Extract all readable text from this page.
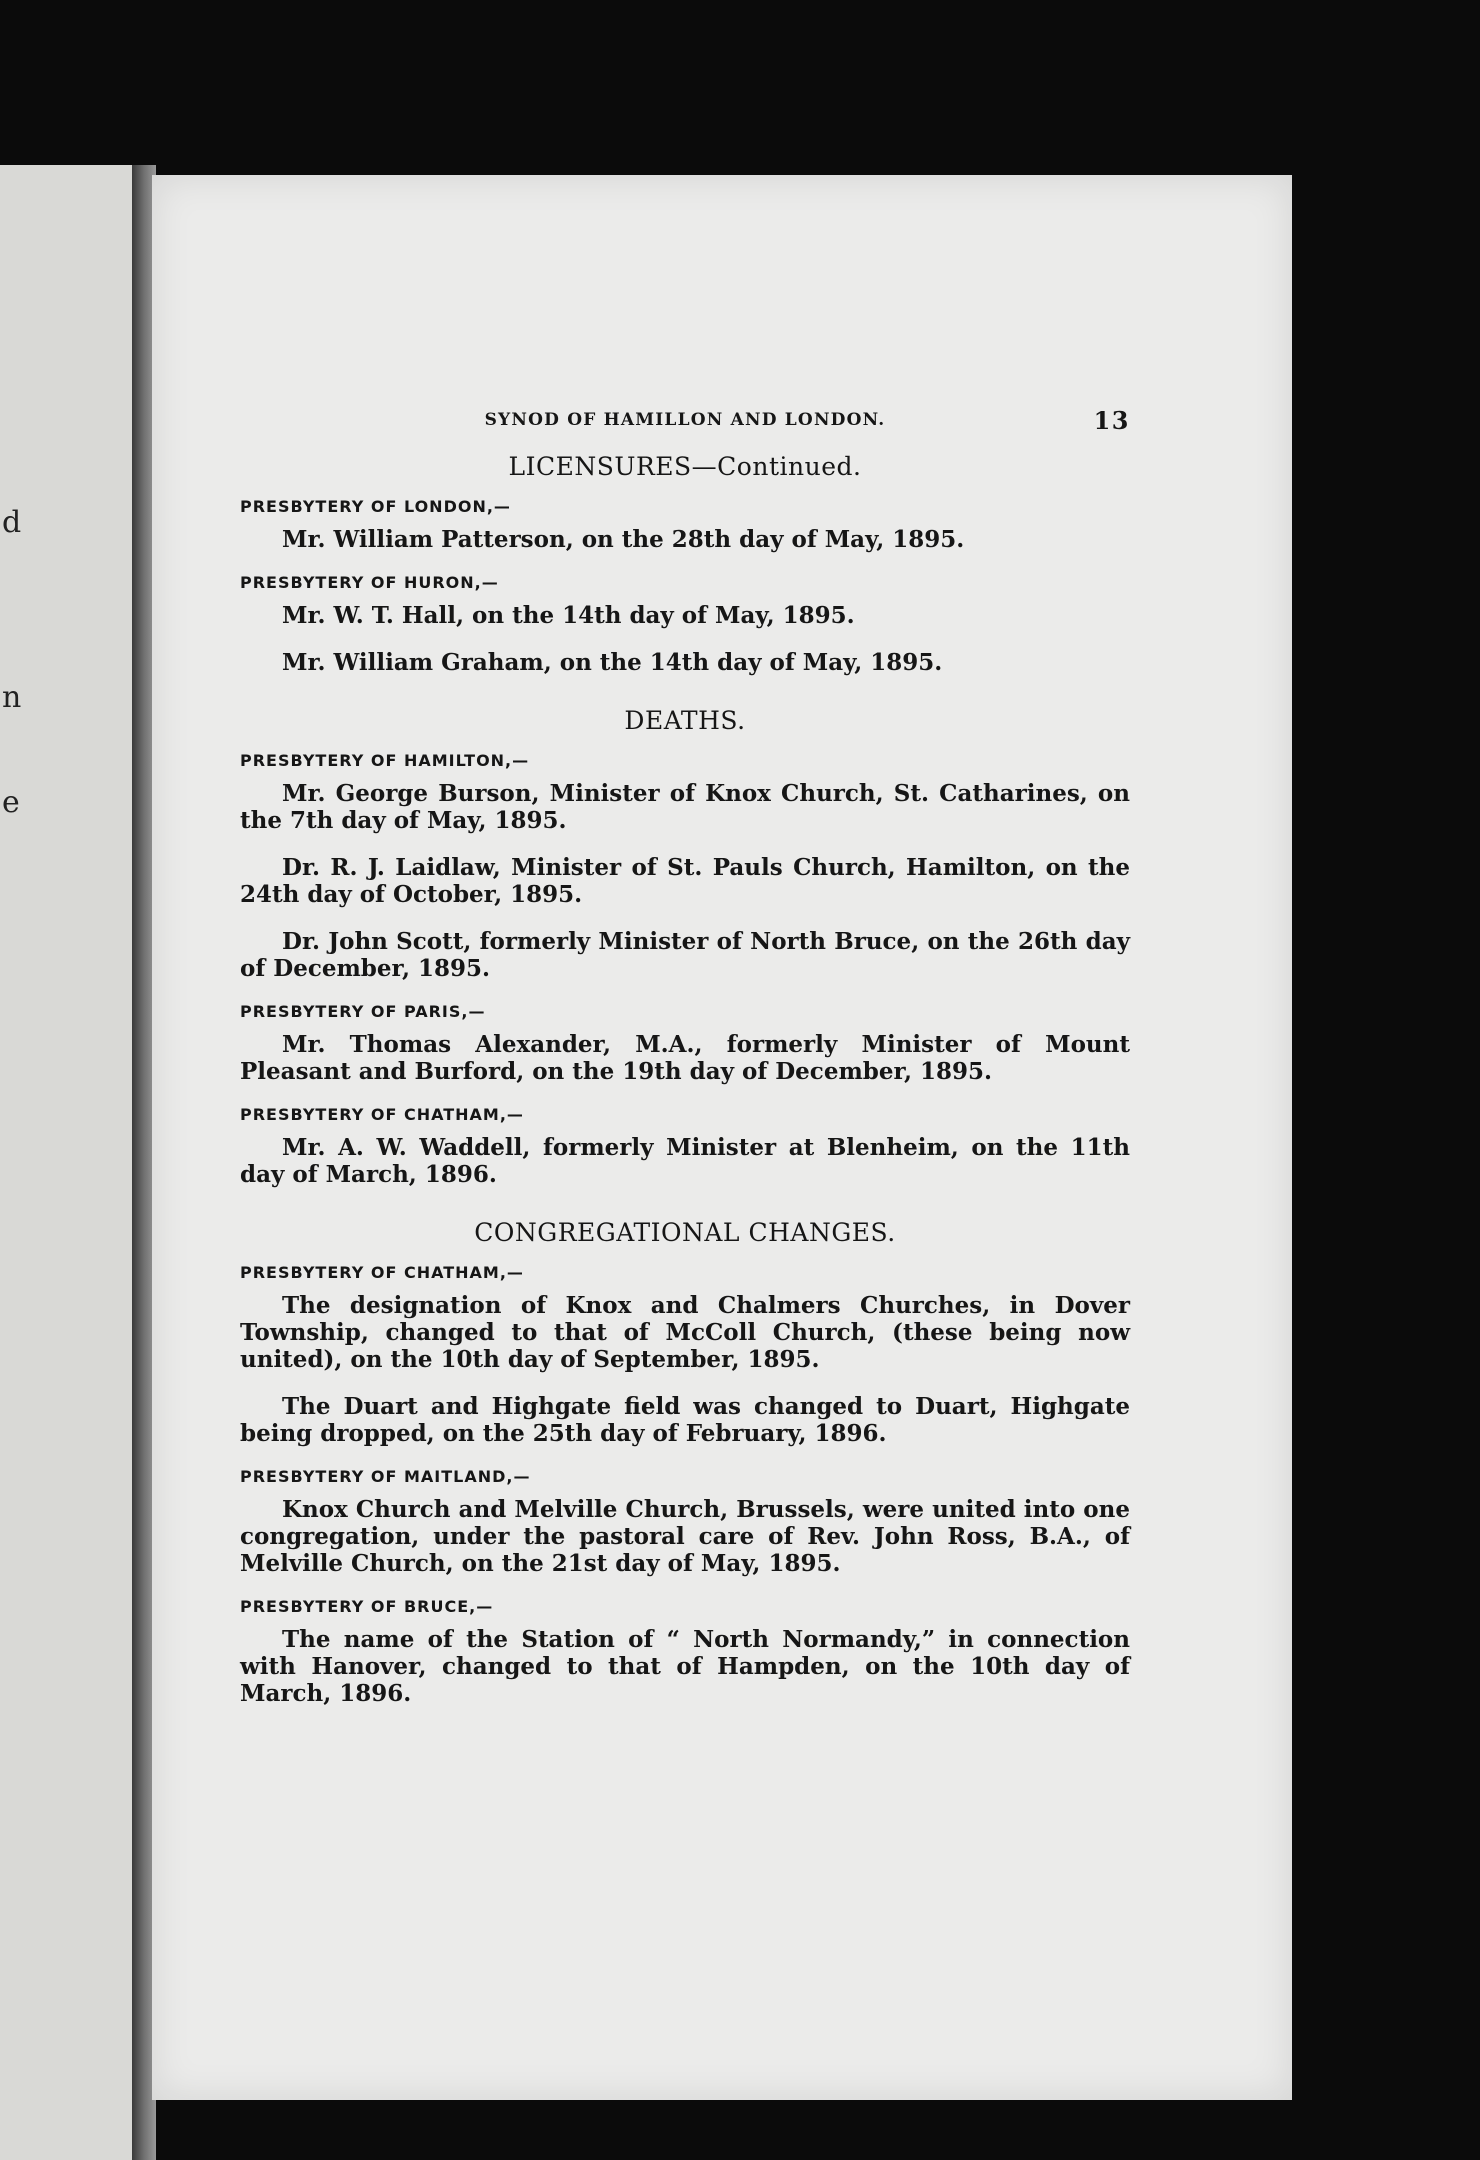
d
n
e
SYNOD OF HAMILLON AND LONDON.	13
LICENSURES—Continued.
PRESBYTERY OF LONDON,—

Mr. William Patterson, on the 28th day of May, 1895.

PRESBYTERY OF HURON,—

Mr. W. T. Hall, on the 14th day of May, 1895.

Mr. William Graham, on the 14th day of May, 1895.

DEATHS.
PRESBYTERY OF HAMILTON,—

Mr. George Burson, Minister of Knox Church, St. Catharines, on the 7th day of May, 1895.

Dr. R. J. Laidlaw, Minister of St. Pauls Church, Hamilton, on the 24th day of October, 1895.

Dr. John Scott, formerly Minister of North Bruce, on the 26th day of December, 1895.

PRESBYTERY OF PARIS,—

Mr. Thomas Alexander, M.A., formerly Minister of Mount Pleasant and Burford, on the 19th day of December, 1895.

PRESBYTERY OF CHATHAM,—

Mr. A. W. Waddell, formerly Minister at Blenheim, on the 11th day of March, 1896.

CONGREGATIONAL CHANGES.
PRESBYTERY OF CHATHAM,—

The designation of Knox and Chalmers Churches, in Dover Township, changed to that of McColl Church, (these being now united), on the 10th day of September, 1895.

The Duart and Highgate field was changed to Duart, Highgate being dropped, on the 25th day of February, 1896.

PRESBYTERY OF MAITLAND,—

Knox Church and Melville Church, Brussels, were united into one congregation, under the pastoral care of Rev. John Ross, B.A., of Melville Church, on the 21st day of May, 1895.

PRESBYTERY OF BRUCE,—

The name of the Station of “ North Normandy,” in connection with Hanover, changed to that of Hampden, on the 10th day of March, 1896.
